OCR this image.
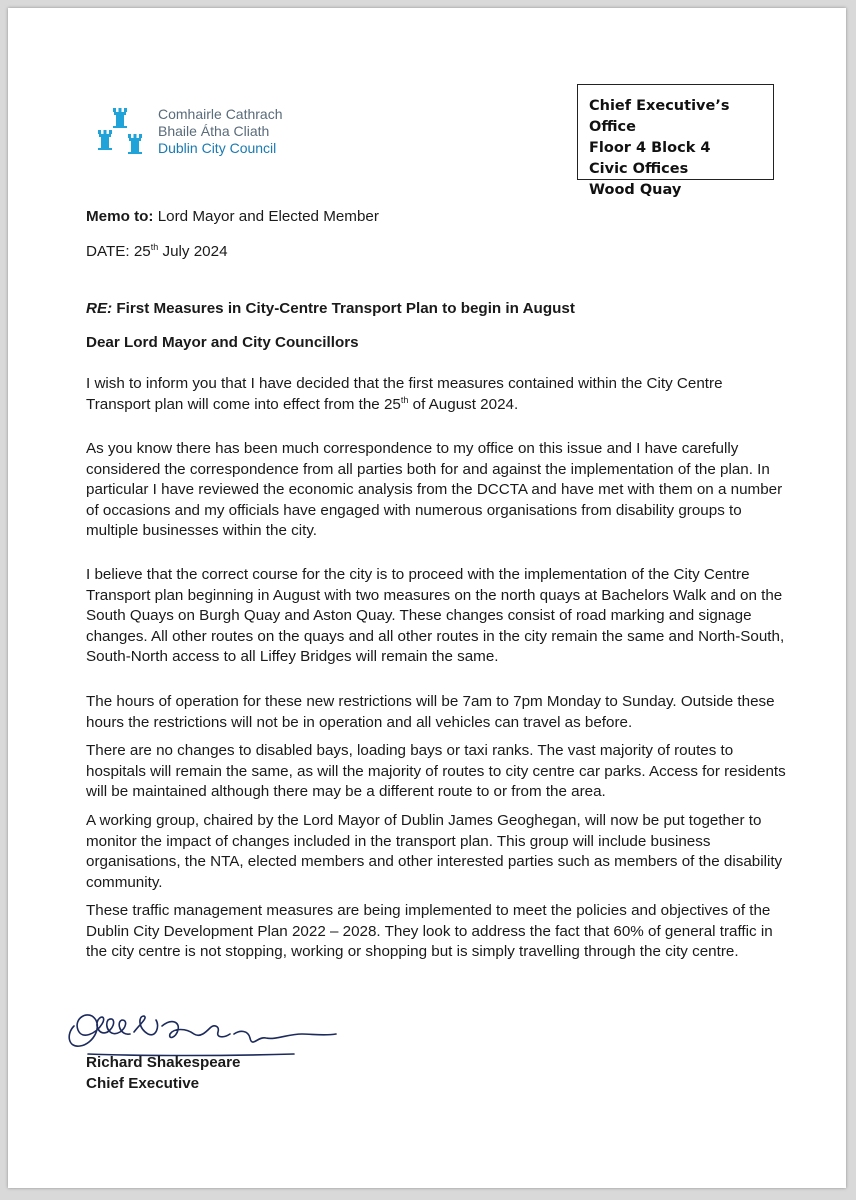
Comhairle Cathrach
Bhaile Átha Cliath
Dublin City Council
Chief Executive’s Office
Floor 4 Block 4
Civic Offices
Wood Quay
Memo to: Lord Mayor and Elected Member
DATE: 25th July 2024
RE: First Measures in City-Centre Transport Plan to begin in August
Dear Lord Mayor and City Councillors
I wish to inform you that I have decided that the first measures contained within the City Centre Transport plan will come into effect from the 25th of August 2024.
As you know there has been much correspondence to my office on this issue and I have carefully considered the correspondence from all parties both for and against the implementation of the plan. In particular I have reviewed the economic analysis from the DCCTA and have met with them on a number of occasions and my officials have engaged with numerous organisations from disability groups to multiple businesses within the city.
I believe that the correct course for the city is to proceed with the implementation of the City Centre Transport plan beginning in August with two measures on the north quays at Bachelors Walk and on the South Quays on Burgh Quay and Aston Quay. These changes consist of road marking and signage changes. All other routes on the quays and all other routes in the city remain the same and North-South, South-North access to all Liffey Bridges will remain the same.
The hours of operation for these new restrictions will be 7am to 7pm Monday to Sunday. Outside these hours the restrictions will not be in operation and all vehicles can travel as before.
There are no changes to disabled bays, loading bays or taxi ranks. The vast majority of routes to hospitals will remain the same, as will the majority of routes to city centre car parks. Access for residents will be maintained although there may be a different route to or from the area.
A working group, chaired by the Lord Mayor of Dublin James Geoghegan, will now be put together to monitor the impact of changes included in the transport plan. This group will include business organisations, the NTA, elected members and other interested parties such as members of the disability community.
These traffic management measures are being implemented to meet the policies and objectives of the Dublin City Development Plan 2022 – 2028. They look to address the fact that 60% of general traffic in the city centre is not stopping, working or shopping but is simply travelling through the city centre.
Richard Shakespeare
Chief Executive
